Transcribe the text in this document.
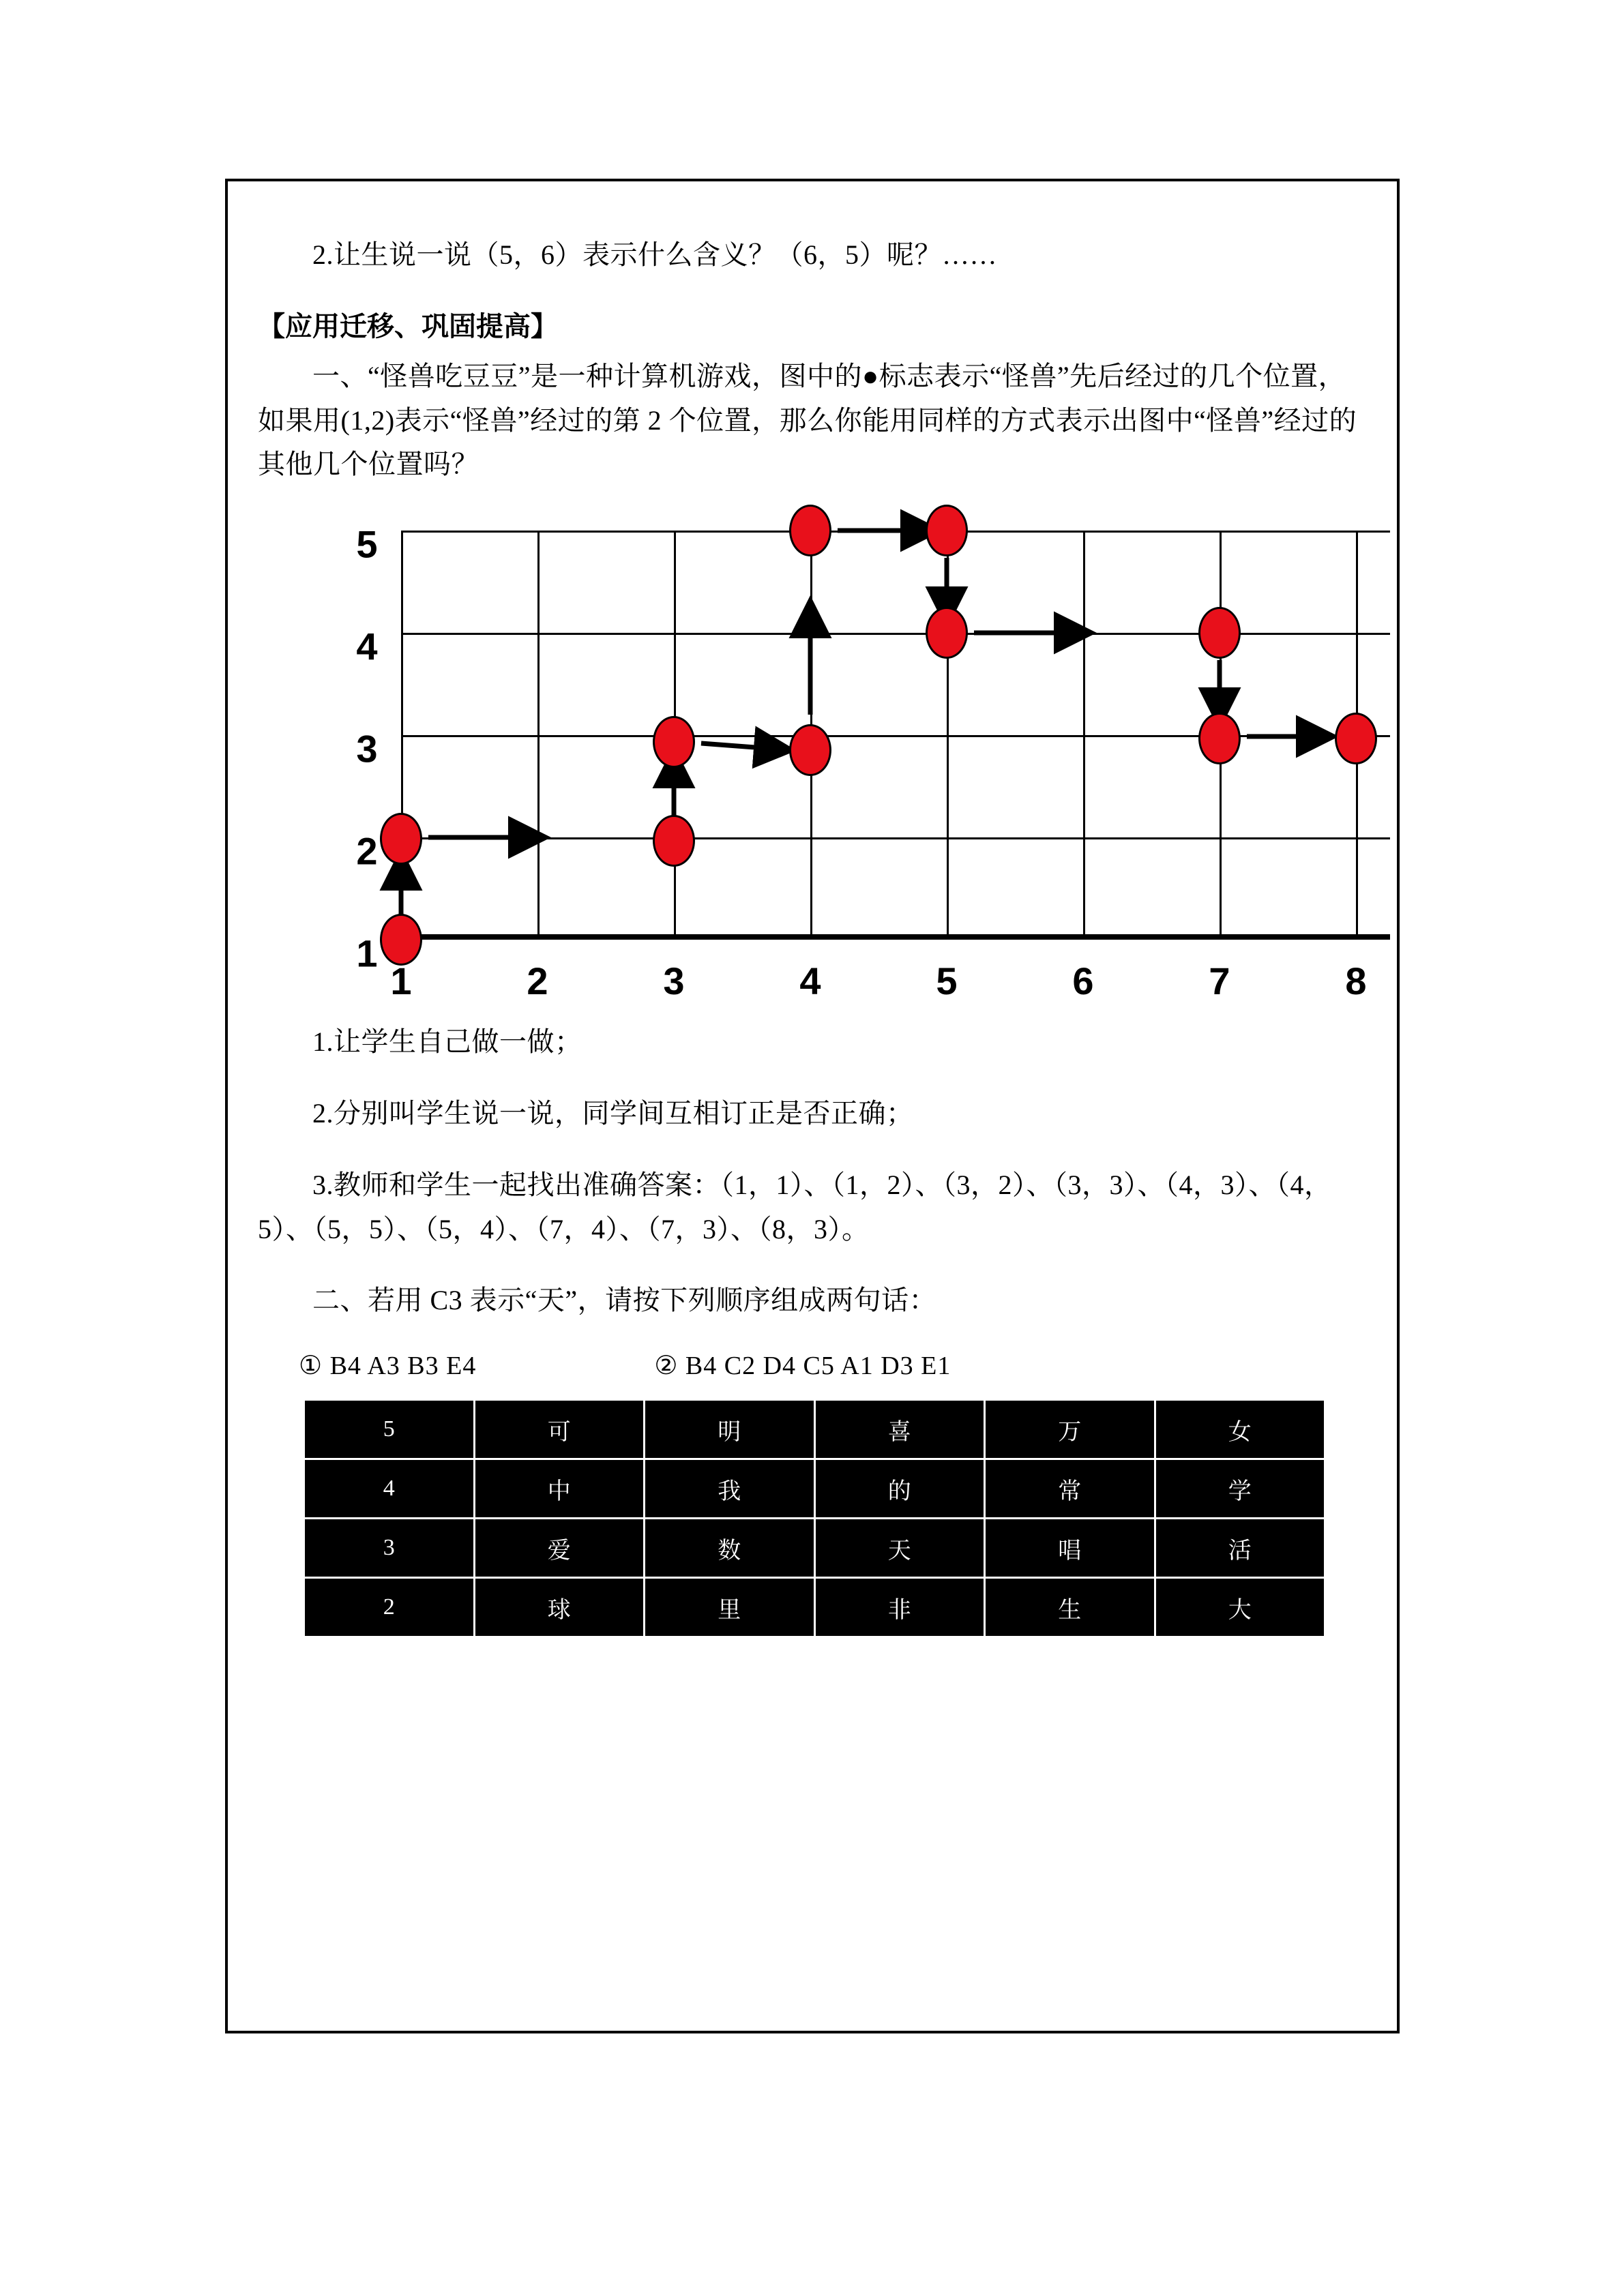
2.让生说一说（5，6）表示什么含义？（6，5）呢？……

【应用迁移、巩固提高】

一、“怪兽吃豆豆”是一种计算机游戏，图中的●标志表示“怪兽”先后经过的几个位置，如果用(1,2)表示“怪兽”经过的第 2 个位置，那么你能用同样的方式表示出图中“怪兽”经过的其他几个位置吗？

5
4
3
2
1
1	2	3	4	5	6	7	8

1.让学生自己做一做；

2.分别叫学生说一说，同学间互相订正是否正确；

3.教师和学生一起找出准确答案：（1，1）、（1，2）、（3，2）、（3，3）、（4，3）、（4，5）、（5，5）、（5，4）、（7，4）、（7，3）、（8，3）。

二、若用 C3 表示“天”，请按下列顺序组成两句话：

① B4 A3 B3 E4	② B4 C2 D4 C5 A1 D3 E1
5	可	明	喜	万	女
4	中	我	的	常	学
3	爱	数	天	唱	活
2	球	里	非	生	大
